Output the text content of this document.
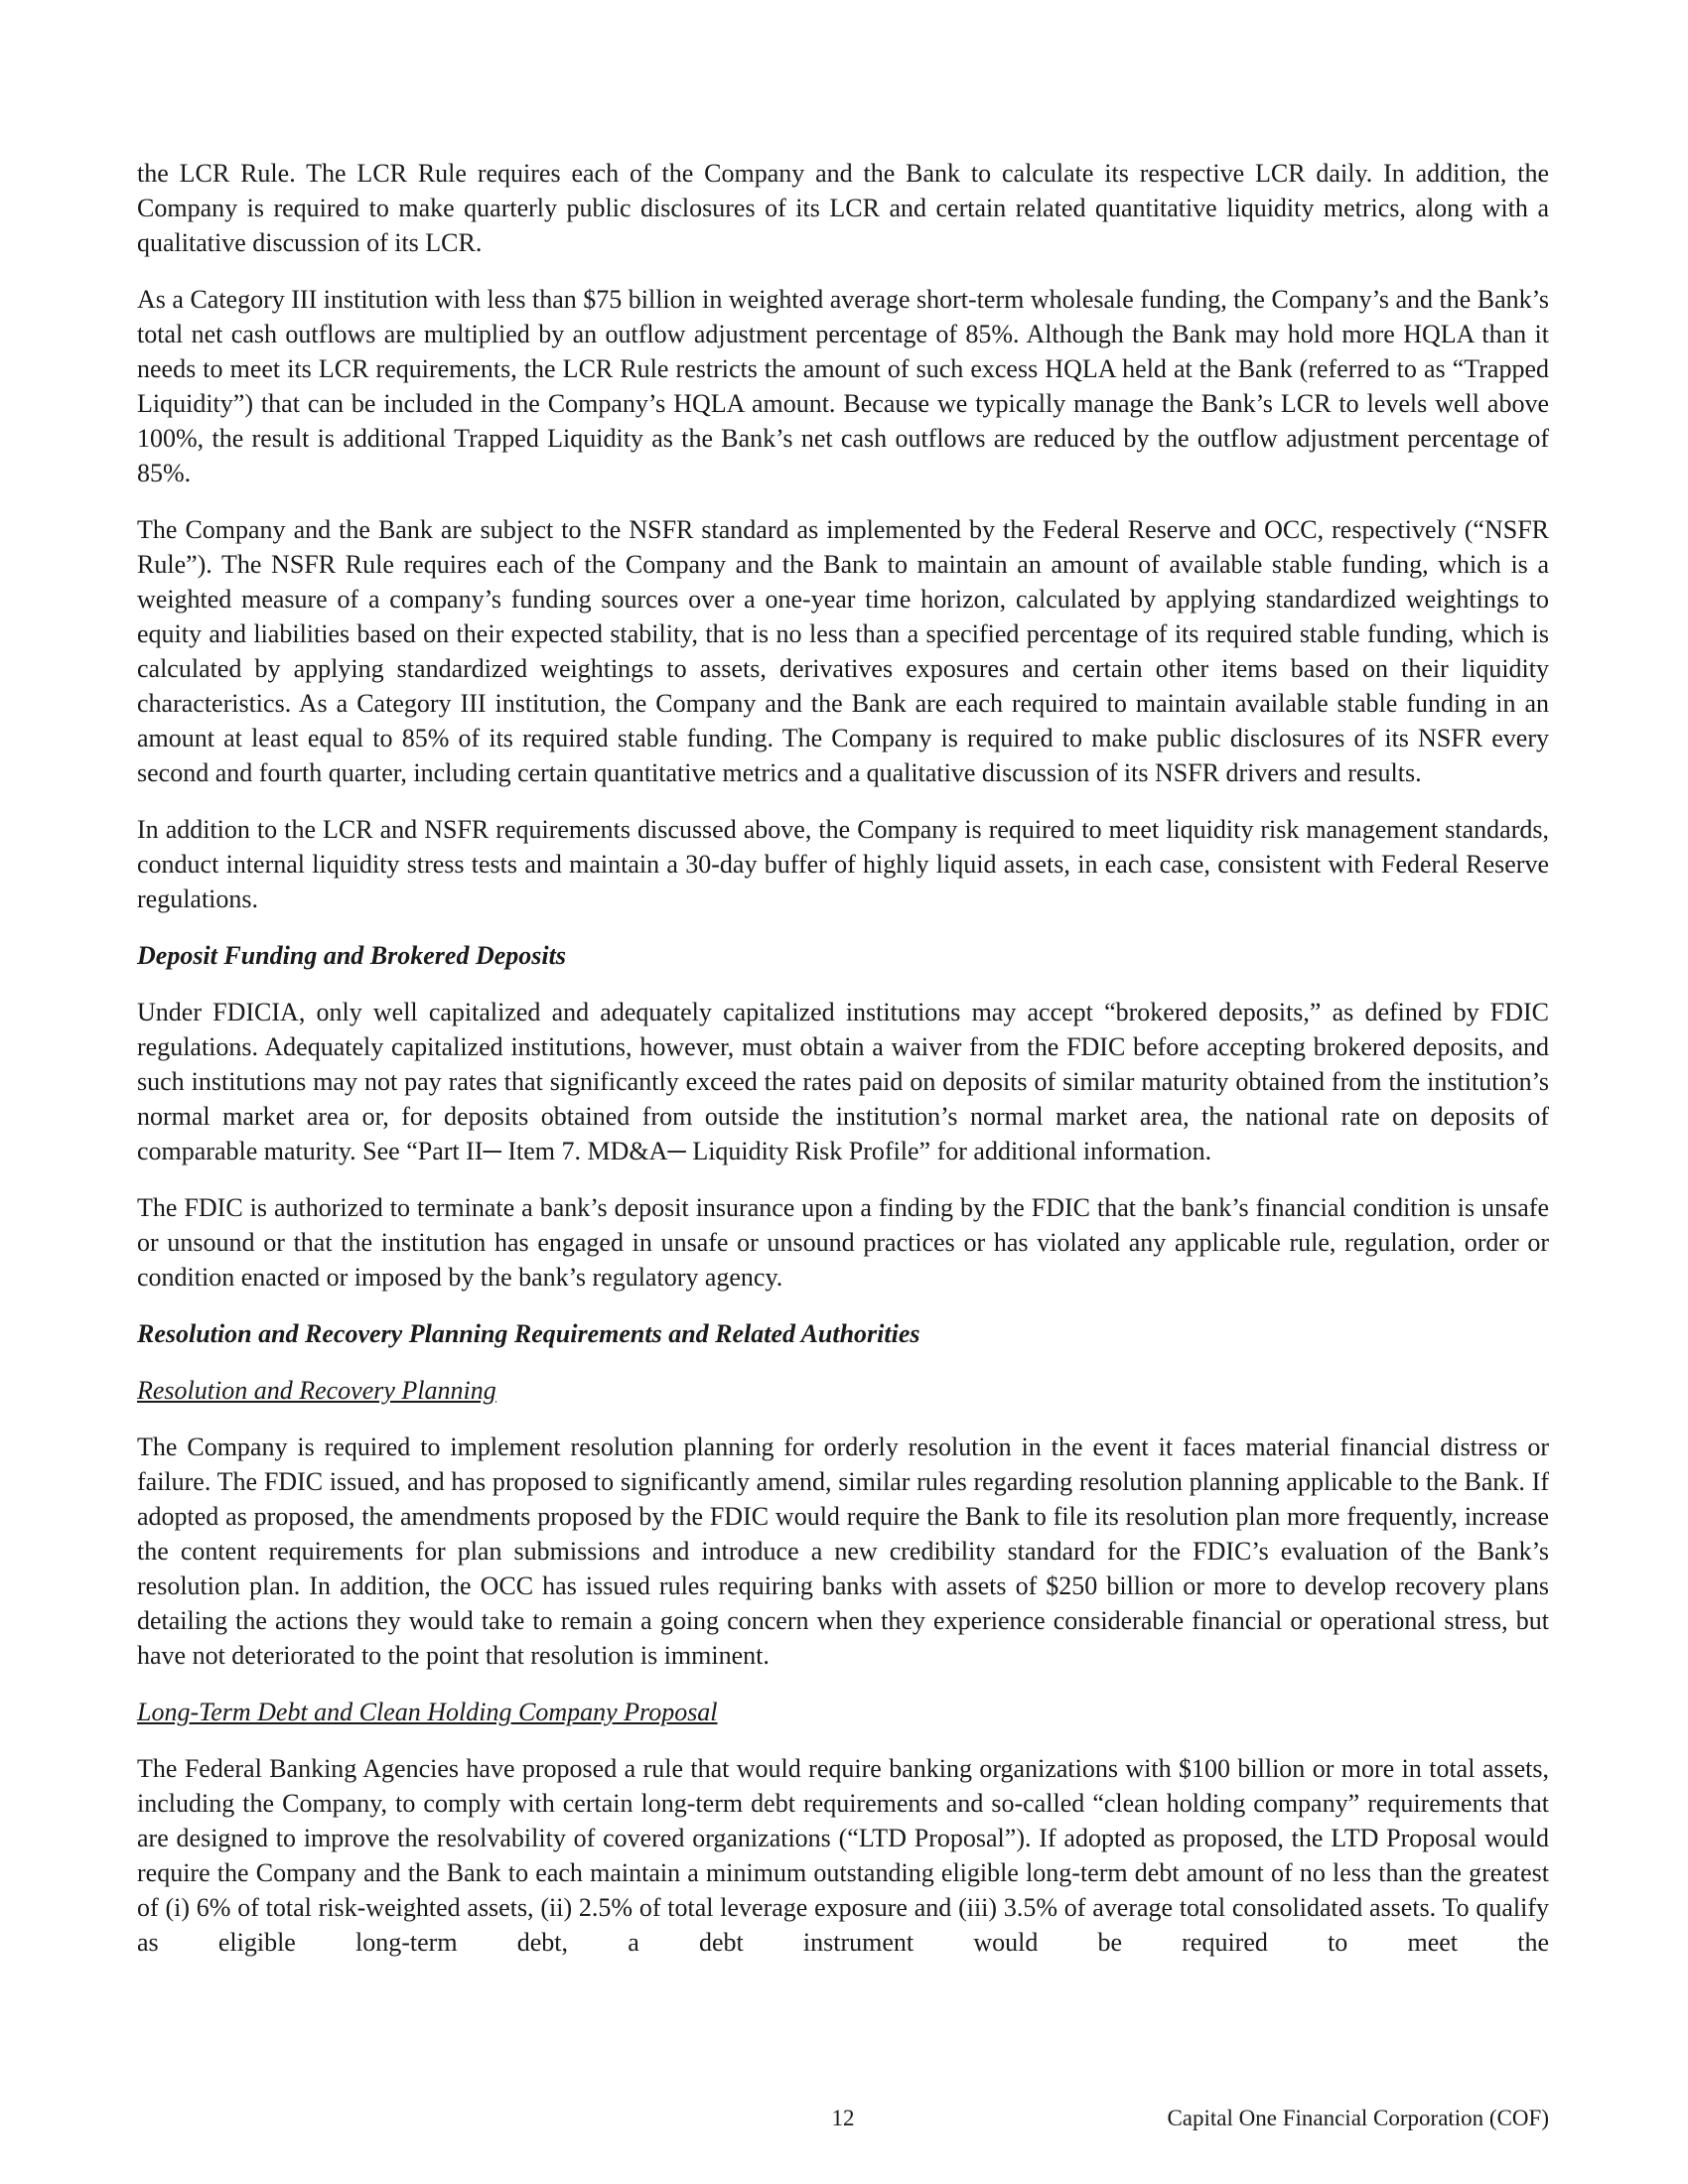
the LCR Rule. The LCR Rule requires each of the Company and the Bank to calculate its respective LCR daily. In addition, the Company is required to make quarterly public disclosures of its LCR and certain related quantitative liquidity metrics, along with a qualitative discussion of its LCR.

As a Category III institution with less than $75 billion in weighted average short-term wholesale funding, the Company’s and the Bank’s total net cash outflows are multiplied by an outflow adjustment percentage of 85%. Although the Bank may hold more HQLA than it needs to meet its LCR requirements, the LCR Rule restricts the amount of such excess HQLA held at the Bank (referred to as “Trapped Liquidity”) that can be included in the Company’s HQLA amount. Because we typically manage the Bank’s LCR to levels well above 100%, the result is additional Trapped Liquidity as the Bank’s net cash outflows are reduced by the outflow adjustment percentage of 85%.

The Company and the Bank are subject to the NSFR standard as implemented by the Federal Reserve and OCC, respectively (“NSFR Rule”). The NSFR Rule requires each of the Company and the Bank to maintain an amount of available stable funding, which is a weighted measure of a company’s funding sources over a one-year time horizon, calculated by applying standardized weightings to equity and liabilities based on their expected stability, that is no less than a specified percentage of its required stable funding, which is calculated by applying standardized weightings to assets, derivatives exposures and certain other items based on their liquidity characteristics. As a Category III institution, the Company and the Bank are each required to maintain available stable funding in an amount at least equal to 85% of its required stable funding. The Company is required to make public disclosures of its NSFR every second and fourth quarter, including certain quantitative metrics and a qualitative discussion of its NSFR drivers and results.

In addition to the LCR and NSFR requirements discussed above, the Company is required to meet liquidity risk management standards, conduct internal liquidity stress tests and maintain a 30-day buffer of highly liquid assets, in each case, consistent with Federal Reserve regulations.

Deposit Funding and Brokered Deposits

Under FDICIA, only well capitalized and adequately capitalized institutions may accept “brokered deposits,” as defined by FDIC regulations. Adequately capitalized institutions, however, must obtain a waiver from the FDIC before accepting brokered deposits, and such institutions may not pay rates that significantly exceed the rates paid on deposits of similar maturity obtained from the institution’s normal market area or, for deposits obtained from outside the institution’s normal market area, the national rate on deposits of comparable maturity. See “Part II─ Item 7. MD&A─ Liquidity Risk Profile” for additional information.

The FDIC is authorized to terminate a bank’s deposit insurance upon a finding by the FDIC that the bank’s financial condition is unsafe or unsound or that the institution has engaged in unsafe or unsound practices or has violated any applicable rule, regulation, order or condition enacted or imposed by the bank’s regulatory agency.

Resolution and Recovery Planning Requirements and Related Authorities
Resolution and Recovery Planning

The Company is required to implement resolution planning for orderly resolution in the event it faces material financial distress or failure. The FDIC issued, and has proposed to significantly amend, similar rules regarding resolution planning applicable to the Bank. If adopted as proposed, the amendments proposed by the FDIC would require the Bank to file its resolution plan more frequently, increase the content requirements for plan submissions and introduce a new credibility standard for the FDIC’s evaluation of the Bank’s resolution plan. In addition, the OCC has issued rules requiring banks with assets of $250 billion or more to develop recovery plans detailing the actions they would take to remain a going concern when they experience considerable financial or operational stress, but have not deteriorated to the point that resolution is imminent.

Long-Term Debt and Clean Holding Company Proposal

The Federal Banking Agencies have proposed a rule that would require banking organizations with $100 billion or more in total assets, including the Company, to comply with certain long-term debt requirements and so-called “clean holding company” requirements that are designed to improve the resolvability of covered organizations (“LTD Proposal”). If adopted as proposed, the LTD Proposal would require the Company and the Bank to each maintain a minimum outstanding eligible long-term debt amount of no less than the greatest of (i) 6% of total risk-weighted assets, (ii) 2.5% of total leverage exposure and (iii) 3.5% of average total consolidated assets. To qualify as eligible long-term debt, a debt instrument would be required to meet the

12	Capital One Financial Corporation (COF)
